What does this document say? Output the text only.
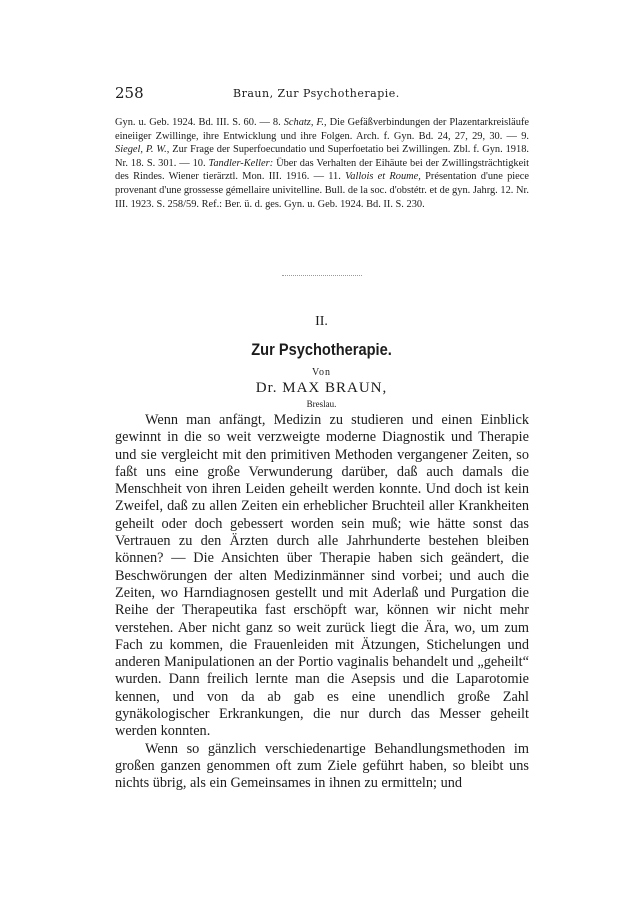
258	Braun, Zur Psychotherapie.
Gyn. u. Geb. 1924. Bd. III. S. 60. — 8. Schatz, F., Die Gefäßverbindungen der Plazentarkreisläufe eineiiger Zwillinge, ihre Entwicklung und ihre Folgen. Arch. f. Gyn. Bd. 24, 27, 29, 30. — 9. Siegel, P. W., Zur Frage der Superfoecundatio und Superfoetatio bei Zwillingen. Zbl. f. Gyn. 1918. Nr. 18. S. 301. — 10. Tandler-Keller: Über das Verhalten der Eihäute bei der Zwillingsträchtigkeit des Rindes. Wiener tierärztl. Mon. III. 1916. — 11. Vallois et Roume, Présentation d'une piece provenant d'une grossesse gémellaire univitelline. Bull. de la soc. d'obstétr. et de gyn. Jahrg. 12. Nr. III. 1923. S. 258/59. Ref.: Ber. ü. d. ges. Gyn. u. Geb. 1924. Bd. II. S. 230.
II.
Zur Psychotherapie.
Von
Dr. MAX BRAUN,
Breslau.

Wenn man anfängt, Medizin zu studieren und einen Einblick gewinnt in die so weit verzweigte moderne Diagnostik und Therapie und sie vergleicht mit den primitiven Methoden vergangener Zeiten, so faßt uns eine große Verwunderung darüber, daß auch damals die Menschheit von ihren Leiden geheilt werden konnte. Und doch ist kein Zweifel, daß zu allen Zeiten ein erheblicher Bruchteil aller Krankheiten geheilt oder doch gebessert worden sein muß; wie hätte sonst das Vertrauen zu den Ärzten durch alle Jahrhunderte bestehen bleiben können? — Die Ansichten über Therapie haben sich geändert, die Beschwörungen der alten Medizinmänner sind vorbei; und auch die Zeiten, wo Harndiagnosen gestellt und mit Aderlaß und Purgation die Reihe der Therapeutika fast erschöpft war, können wir nicht mehr verstehen. Aber nicht ganz so weit zurück liegt die Ära, wo, um zum Fach zu kommen, die Frauenleiden mit Ätzungen, Stichelungen und anderen Manipulationen an der Portio vaginalis behandelt und „geheilt“ wurden. Dann freilich lernte man die Asepsis und die Laparotomie kennen, und von da ab gab es eine unendlich große Zahl gynäkologischer Erkrankungen, die nur durch das Messer geheilt werden konnten.

Wenn so gänzlich verschiedenartige Behandlungsmethoden im großen ganzen genommen oft zum Ziele geführt haben, so bleibt uns nichts übrig, als ein Gemeinsames in ihnen zu ermitteln; und
